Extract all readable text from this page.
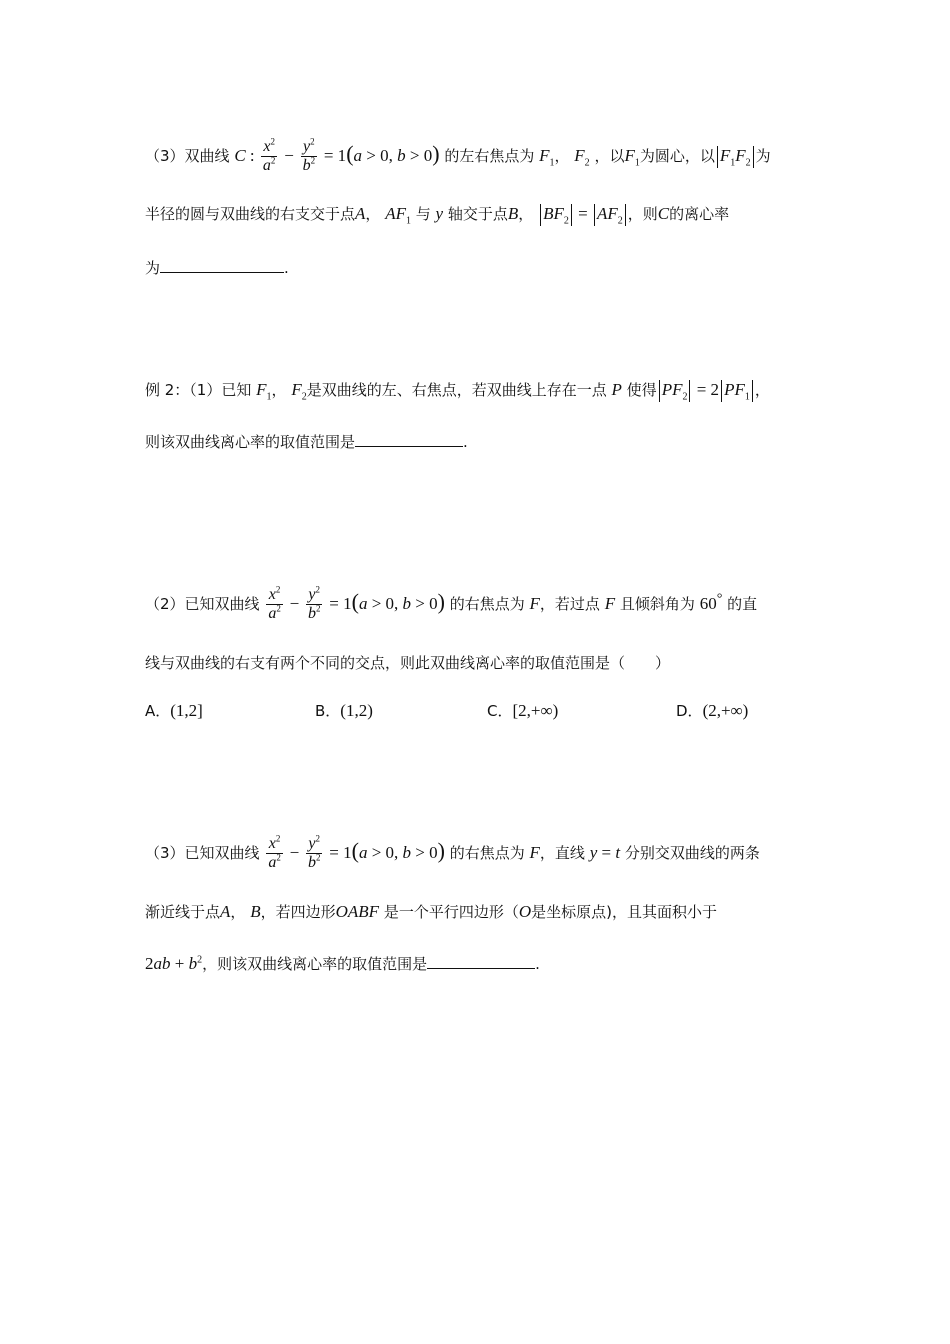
（3）双曲线 C : $\frac{x^2}{a^2} - \frac{y^2}{b^2} = 1(a > 0$, b > 0) 的左右焦点为 $F_1$， $F_2$ ，以$F_1$为圆心，以 $F_1F_2$ 为
半径的圆与双曲线的右支交于点A， $AF_1$ 与 y 轴交于点B， $BF_2 = AF_2$ ，则C的离心率
为	.
例 2：（1）已知 $F_1$， $F_2$是双曲线的左、右焦点，若双曲线上存在一点 P 使得 $PF_2 = 2$ $PF_1$ ，
则该双曲线离心率的取值范围是	.
（2）已知双曲线 $\frac{x^2}{a^2} - \frac{y^2}{b^2} = 1(a > 0$, b > 0) 的右焦点为 F，若过点 F 且倾斜角为 60° 的直
线与双曲线的右支有两个不同的交点，则此双曲线离心率的取值范围是（　　）
A．(1,2]	B．(1,2)	C．[2,+∞)	D．(2,+∞)
（3）已知双曲线 $\frac{x^2}{a^2} - \frac{y^2}{b^2} = 1(a > 0$, b > 0) 的右焦点为 F，直线 y = t 分别交双曲线的两条
渐近线于点A， B，若四边形OABF 是一个平行四边形（O是坐标原点)，且其面积小于
$2ab + b^2$，则该双曲线离心率的取值范围是	.
